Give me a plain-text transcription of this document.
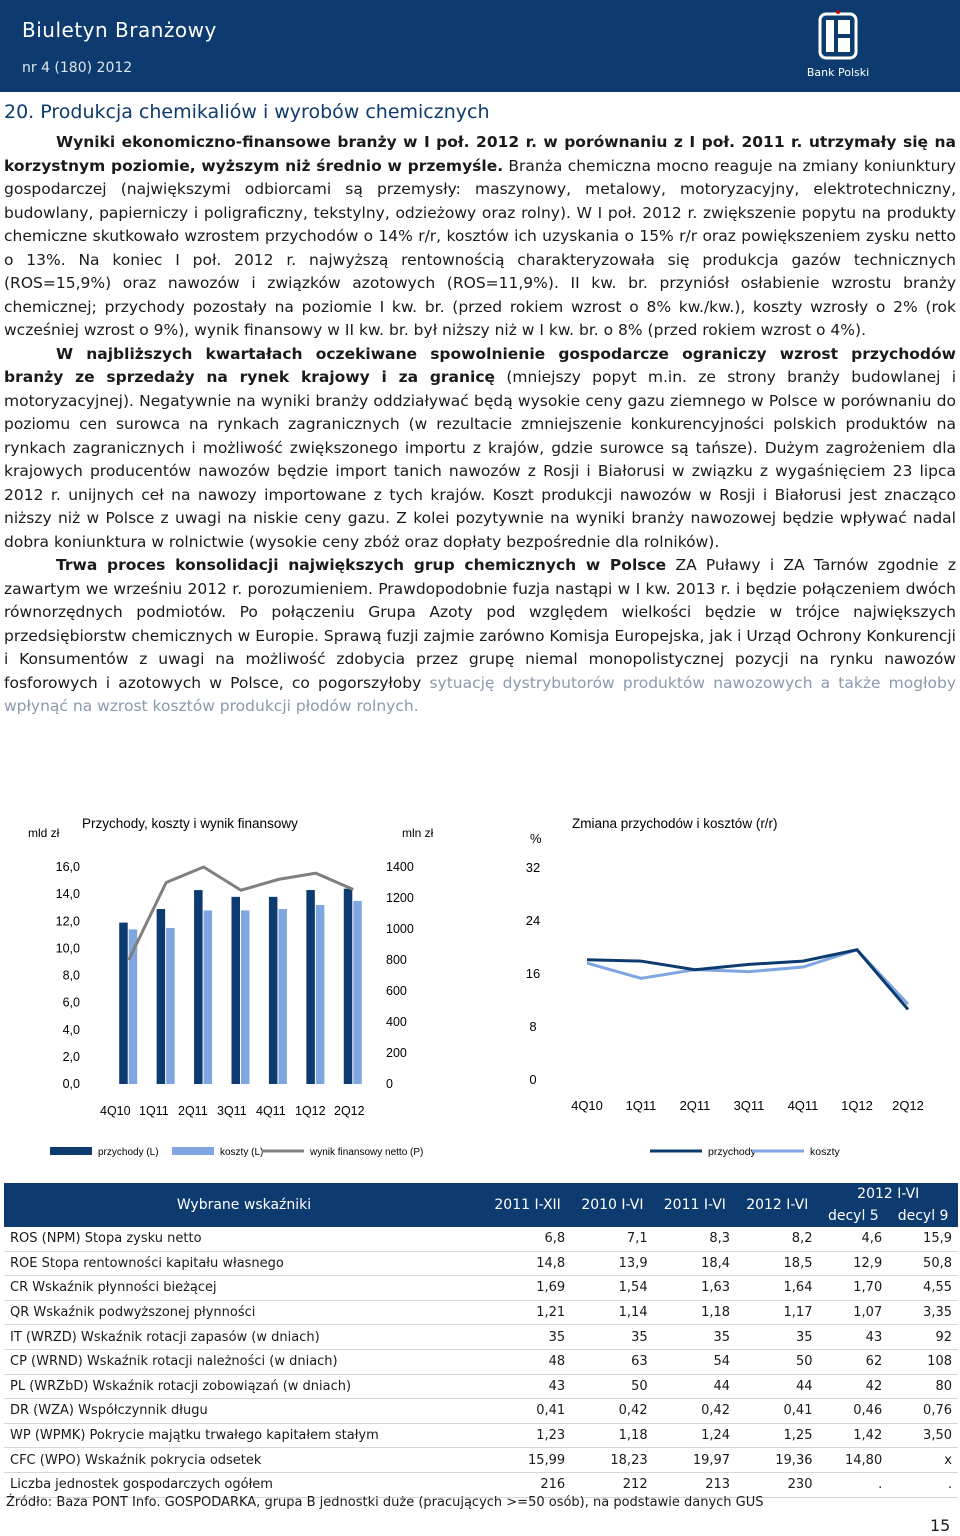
Biuletyn Branżowy
nr 4 (180) 2012	Bank Polski
20. Produkcja chemikaliów i wyrobów chemicznych

Wyniki ekonomiczno-finansowe branży w I poł. 2012 r. w porównaniu z I poł. 2011 r. utrzymały się na korzystnym poziomie, wyższym niż średnio w przemyśle. Branża chemiczna mocno reaguje na zmiany koniunktury gospodarczej (największymi odbiorcami są przemysły: maszynowy, metalowy, motoryzacyjny, elektrotechniczny, budowlany, papierniczy i poligraficzny, tekstylny, odzieżowy oraz rolny). W I poł. 2012 r. zwiększenie popytu na produkty chemiczne skutkowało wzrostem przychodów o 14% r/r, kosztów ich uzyskania o 15% r/r oraz powiększeniem zysku netto o 13%. Na koniec I poł. 2012 r. najwyższą rentownością charakteryzowała się produkcja gazów technicznych (ROS=15,9%) oraz nawozów i związków azotowych (ROS=11,9%). II kw. br. przyniósł osłabienie wzrostu branży chemicznej; przychody pozostały na poziomie I kw. br. (przed rokiem wzrost o 8% kw./kw.), koszty wzrosły o 2% (rok wcześniej wzrost o 9%), wynik finansowy w II kw. br. był niższy niż w I kw. br. o 8% (przed rokiem wzrost o 4%).

W najbliższych kwartałach oczekiwane spowolnienie gospodarcze ograniczy wzrost przychodów branży ze sprzedaży na rynek krajowy i za granicę (mniejszy popyt m.in. ze strony branży budowlanej i motoryzacyjnej). Negatywnie na wyniki branży oddziaływać będą wysokie ceny gazu ziemnego w Polsce w porównaniu do poziomu cen surowca na rynkach zagranicznych (w rezultacie zmniejszenie konkurencyjności polskich produktów na rynkach zagranicznych i możliwość zwiększonego importu z krajów, gdzie surowce są tańsze). Dużym zagrożeniem dla krajowych producentów nawozów będzie import tanich nawozów z Rosji i Białorusi w związku z wygaśnięciem 23 lipca 2012 r. unijnych ceł na nawozy importowane z tych krajów. Koszt produkcji nawozów w Rosji i Białorusi jest znacząco niższy niż w Polsce z uwagi na niskie ceny gazu. Z kolei pozytywnie na wyniki branży nawozowej będzie wpływać nadal dobra koniunktura w rolnictwie (wysokie ceny zbóż oraz dopłaty bezpośrednie dla rolników).

Trwa proces konsolidacji największych grup chemicznych w Polsce ZA Puławy i ZA Tarnów zgodnie z zawartym we wrześniu 2012 r. porozumieniem. Prawdopodobnie fuzja nastąpi w I kw. 2013 r. i będzie połączeniem dwóch równorzędnych podmiotów. Po połączeniu Grupa Azoty pod względem wielkości będzie w trójce największych przedsiębiorstw chemicznych w Europie. Sprawą fuzji zajmie zarówno Komisja Europejska, jak i Urząd Ochrony Konkurencji i Konsumentów z uwagi na możliwość zdobycia przez grupę niemal monopolistycznej pozycji na rynku nawozów fosforowych i azotowych w Polsce, co pogorszyłoby sytuację dystrybutorów produktów nawozowych a także mogłoby wpłynąć na wzrost kosztów produkcji płodów rolnych.

mld zł
Przychody, koszty i wynik finansowy
mln zł
16,0
14,0
12,0
10,0
8,0
6,0
4,0
2,0
0,0
1400
1200
1000
800
600
400
200
0
4Q10 1Q11 2Q11 3Q11 4Q11 1Q12 2Q12
przychody (L)	koszty (L)	wynik finansowy netto (P)
%
Zmiana przychodów i kosztów (r/r)
32
24
16
8
0
4Q10 1Q11 2Q11 3Q11 4Q11 1Q12 2Q12
przychody	koszty
Wybrane wskaźniki	2011 I-XII	2010 I-VI	2011 I-VI	2012 I-VI	2012 I-VI	
					decyl 5	decyl 9
ROS (NPM) Stopa zysku netto	6,8	7,1	8,3	8,2	4,6	15,9
ROE Stopa rentowności kapitału własnego	14,8	13,9	18,4	18,5	12,9	50,8
CR Wskaźnik płynności bieżącej	1,69	1,54	1,63	1,64	1,70	4,55
QR Wskaźnik podwyższonej płynności	1,21	1,14	1,18	1,17	1,07	3,35
IT (WRZD) Wskaźnik rotacji zapasów (w dniach)	35	35	35	35	43	92
CP (WRND) Wskaźnik rotacji należności (w dniach)	48	63	54	50	62	108
PL (WRZbD) Wskaźnik rotacji zobowiązań (w dniach)	43	50	44	44	42	80
DR (WZA) Współczynnik długu	0,41	0,42	0,42	0,41	0,46	0,76
WP (WPMK) Pokrycie majątku trwałego kapitałem stałym	1,23	1,18	1,24	1,25	1,42	3,50
CFC (WPO) Wskaźnik pokrycia odsetek	15,99	18,23	19,97	19,36	14,80	x
Liczba jednostek gospodarczych ogółem	216	212	213	230	.	.
Źródło: Baza PONT Info. GOSPODARKA, grupa B jednostki duże (pracujących >=50 osób), na podstawie danych GUS
15
